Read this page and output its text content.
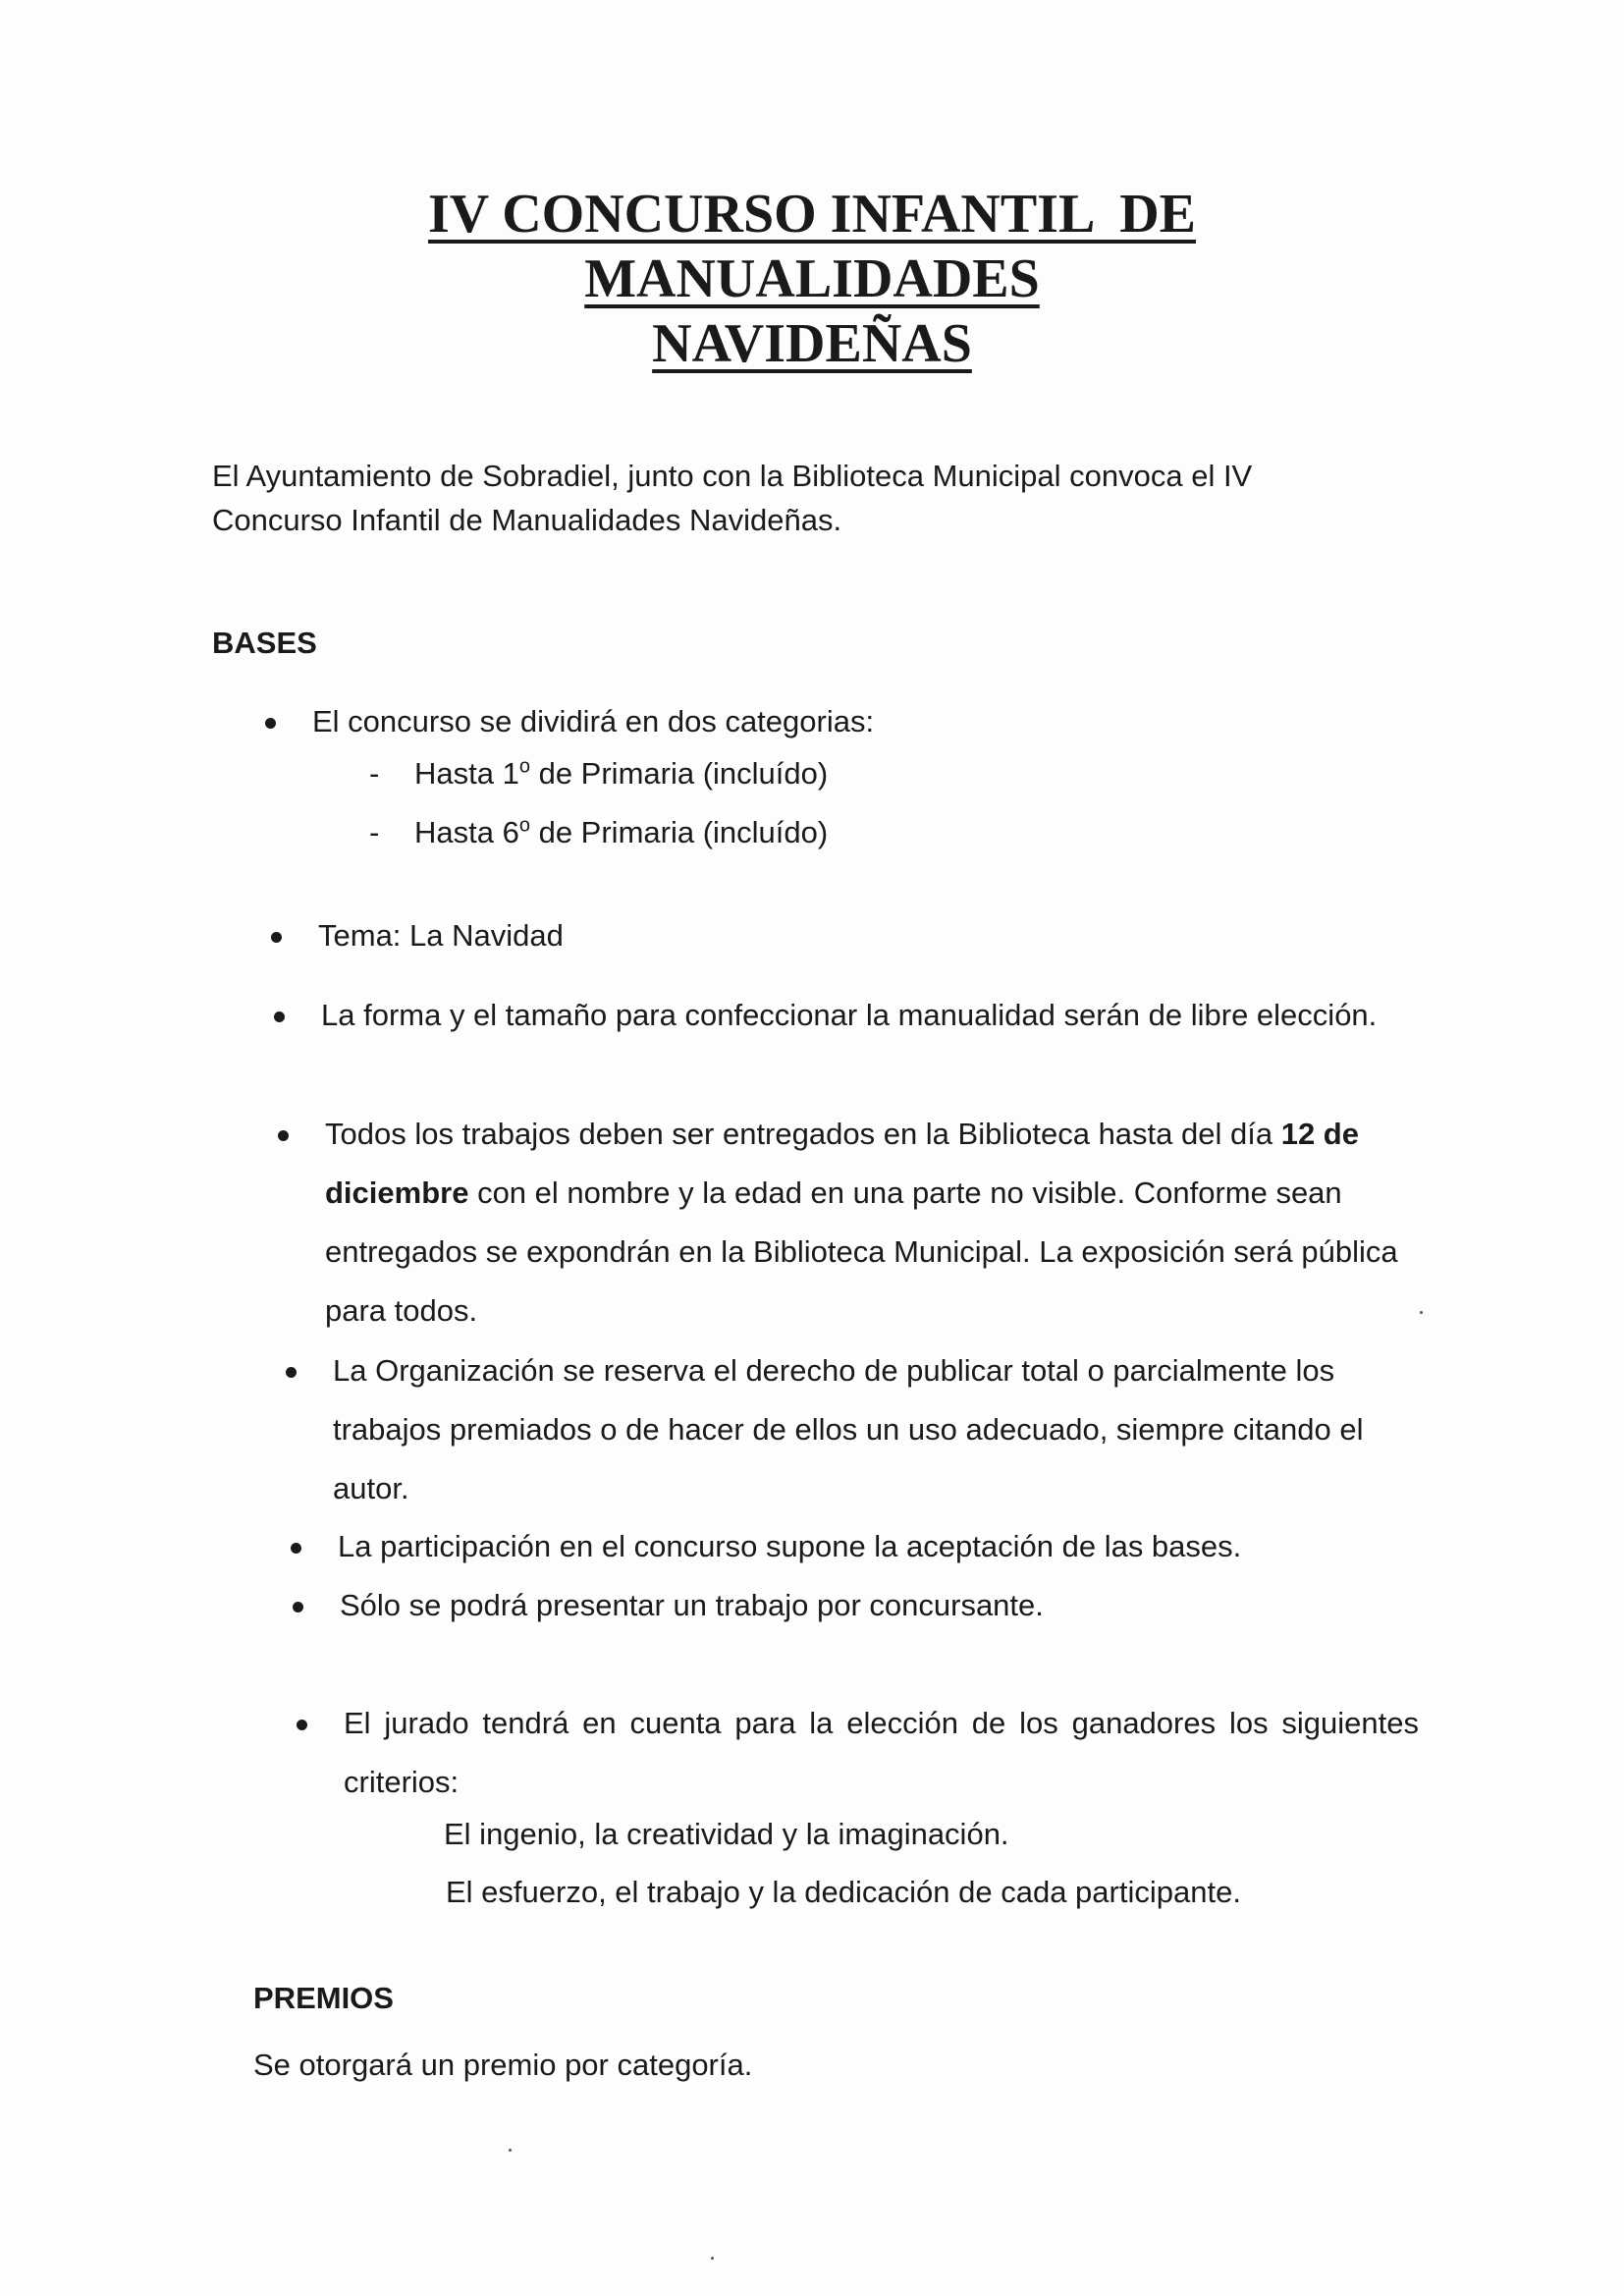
IV CONCURSO INFANTIL  DE
MANUALIDADES
NAVIDEÑAS
El Ayuntamiento de Sobradiel, junto con la Biblioteca Municipal convoca el IV Concurso Infantil de Manualidades Navideñas.
BASES
El concurso se dividirá en dos categorias:
- Hasta 1$^o$ de Primaria (incluído)
- Hasta 6$^o$ de Primaria (incluído)
Tema: La Navidad
La forma y el tamaño para confeccionar la manualidad serán de libre elección.
Todos los trabajos deben ser entregados en la Biblioteca hasta del día 12 de diciembre con el nombre y la edad en una parte no visible. Conforme sean entregados se expondrán en la Biblioteca Municipal. La exposición será pública para todos.
La Organización se reserva el derecho de publicar total o parcialmente los trabajos premiados o de hacer de ellos un uso adecuado, siempre citando el autor.
La participación en el concurso supone la aceptación de las bases.
Sólo se podrá presentar un trabajo por concursante.
El jurado tendrá en cuenta para la elección de los ganadores los siguientes criterios:
El ingenio, la creatividad y la imaginación.
El esfuerzo, el trabajo y la dedicación de cada participante.
PREMIOS
Se otorgará un premio por categoría.
